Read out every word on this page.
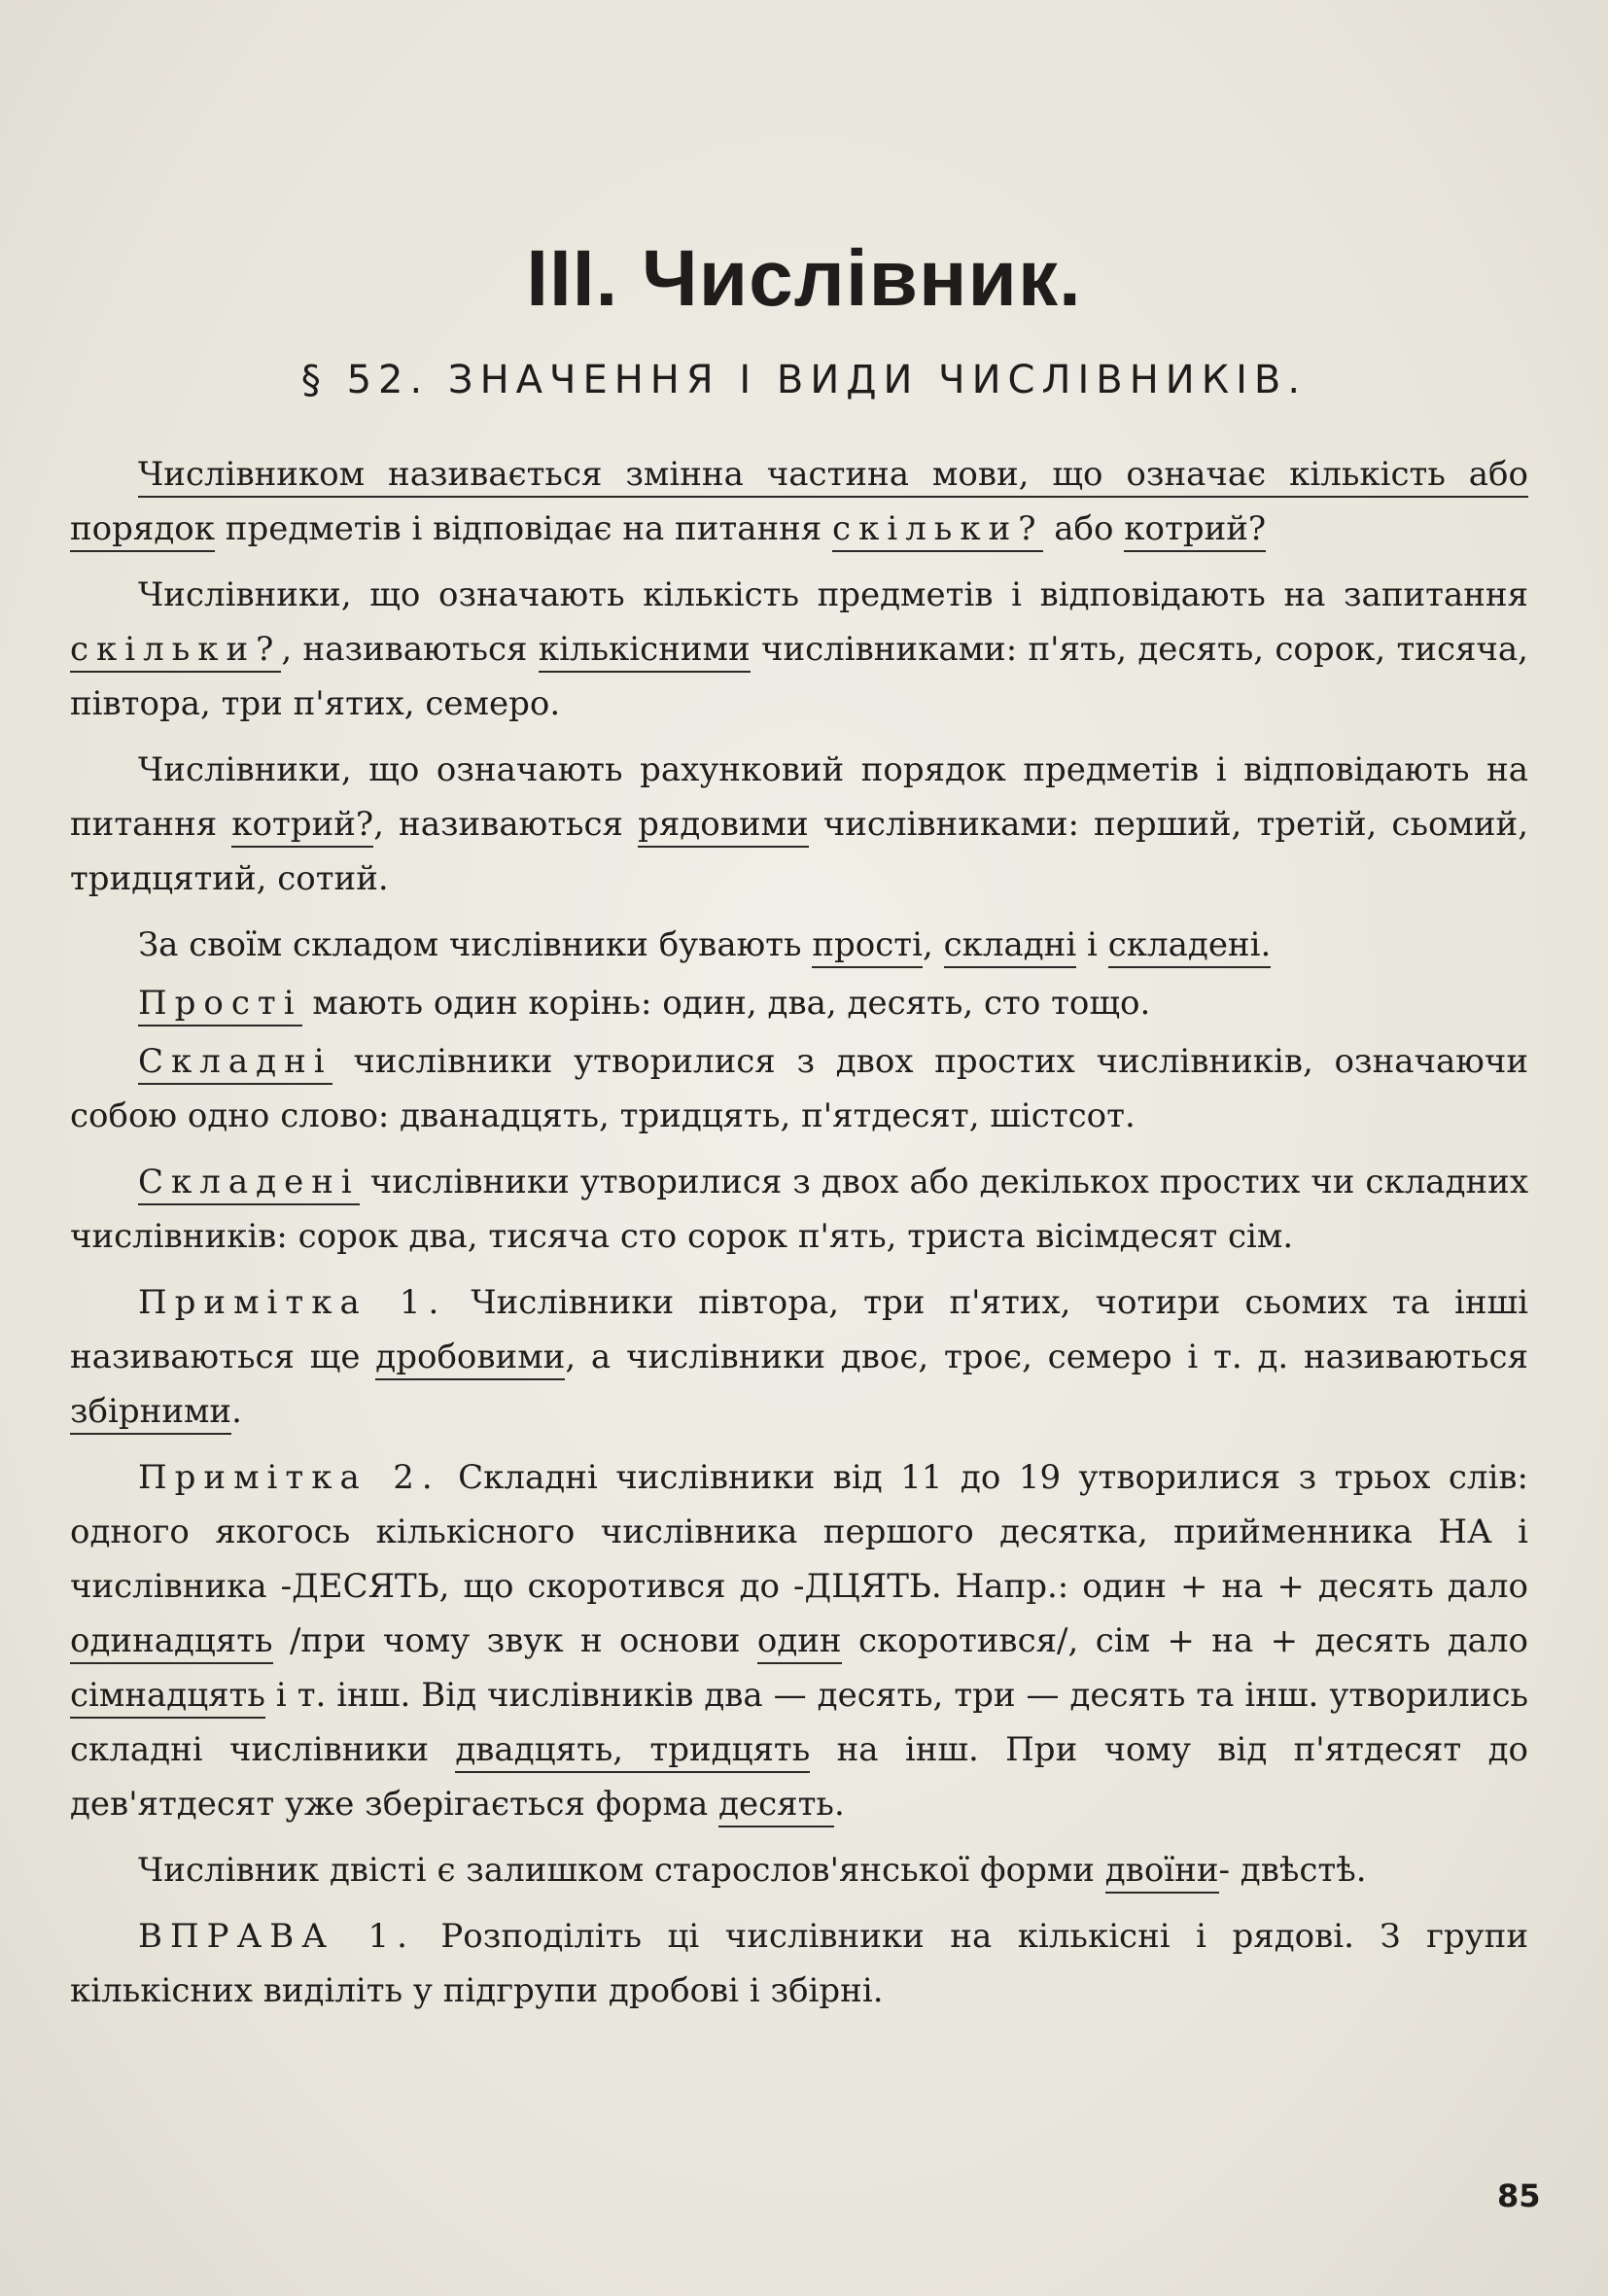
III. Числівник.
§ 52. ЗНАЧЕННЯ І ВИДИ ЧИСЛІВНИКІВ.

Числівником називається змінна частина мови, що означає кількість або порядок предметів і відповідає на питання скільки? або котрий?

Числівники, що означають кількість предметів і відповідають на запитання скільки?, називаються кількісними числівниками: п'ять, десять, сорок, тисяча, півтора, три п'ятих, семеро.

Числівники, що означають рахунковий порядок предметів і відповідають на питання котрий?, називаються рядовими числівниками: перший, третій, сьомий, тридцятий, сотий.

За своїм складом числівники бувають прості, складні і складені.

Прості мають один корінь: один, два, десять, сто тощо.

Складні числівники утворилися з двох простих числівників, означаючи собою одно слово: дванадцять, тридцять, п'ятдесят, шістсот.

Складені числівники утворилися з двох або декількох простих чи складних числівників: сорок два, тисяча сто сорок п'ять, триста вісімдесят сім.

Примітка 1. Числівники півтора, три п'ятих, чотири сьомих та інші називаються ще дробовими, а числівники двоє, троє, семеро і т. д. називаються збірними.

Примітка 2. Складні числівники від 11 до 19 утворилися з трьох слів: одного якогось кількісного числівника першого десятка, прийменника НА і числівника -ДЕСЯТЬ, що скоротився до -ДЦЯТЬ. Напр.: один + на + десять дало одинадцять /при чому звук н основи один скоротився/, сім + на + десять дало сімнадцять і т. інш. Від числівників два — десять, три — десять та інш. утворились складні числівники двадцять, тридцять на інш. При чому від п'ятдесят до дев'ятдесят уже зберігається форма десять.

Числівник двісті є залишком старослов'янської форми двоїни- двѣстѣ.

ВПРАВА 1. Розподіліть ці числівники на кількісні і рядові. З групи кількісних виділіть у підгрупи дробові і збірні.

85
